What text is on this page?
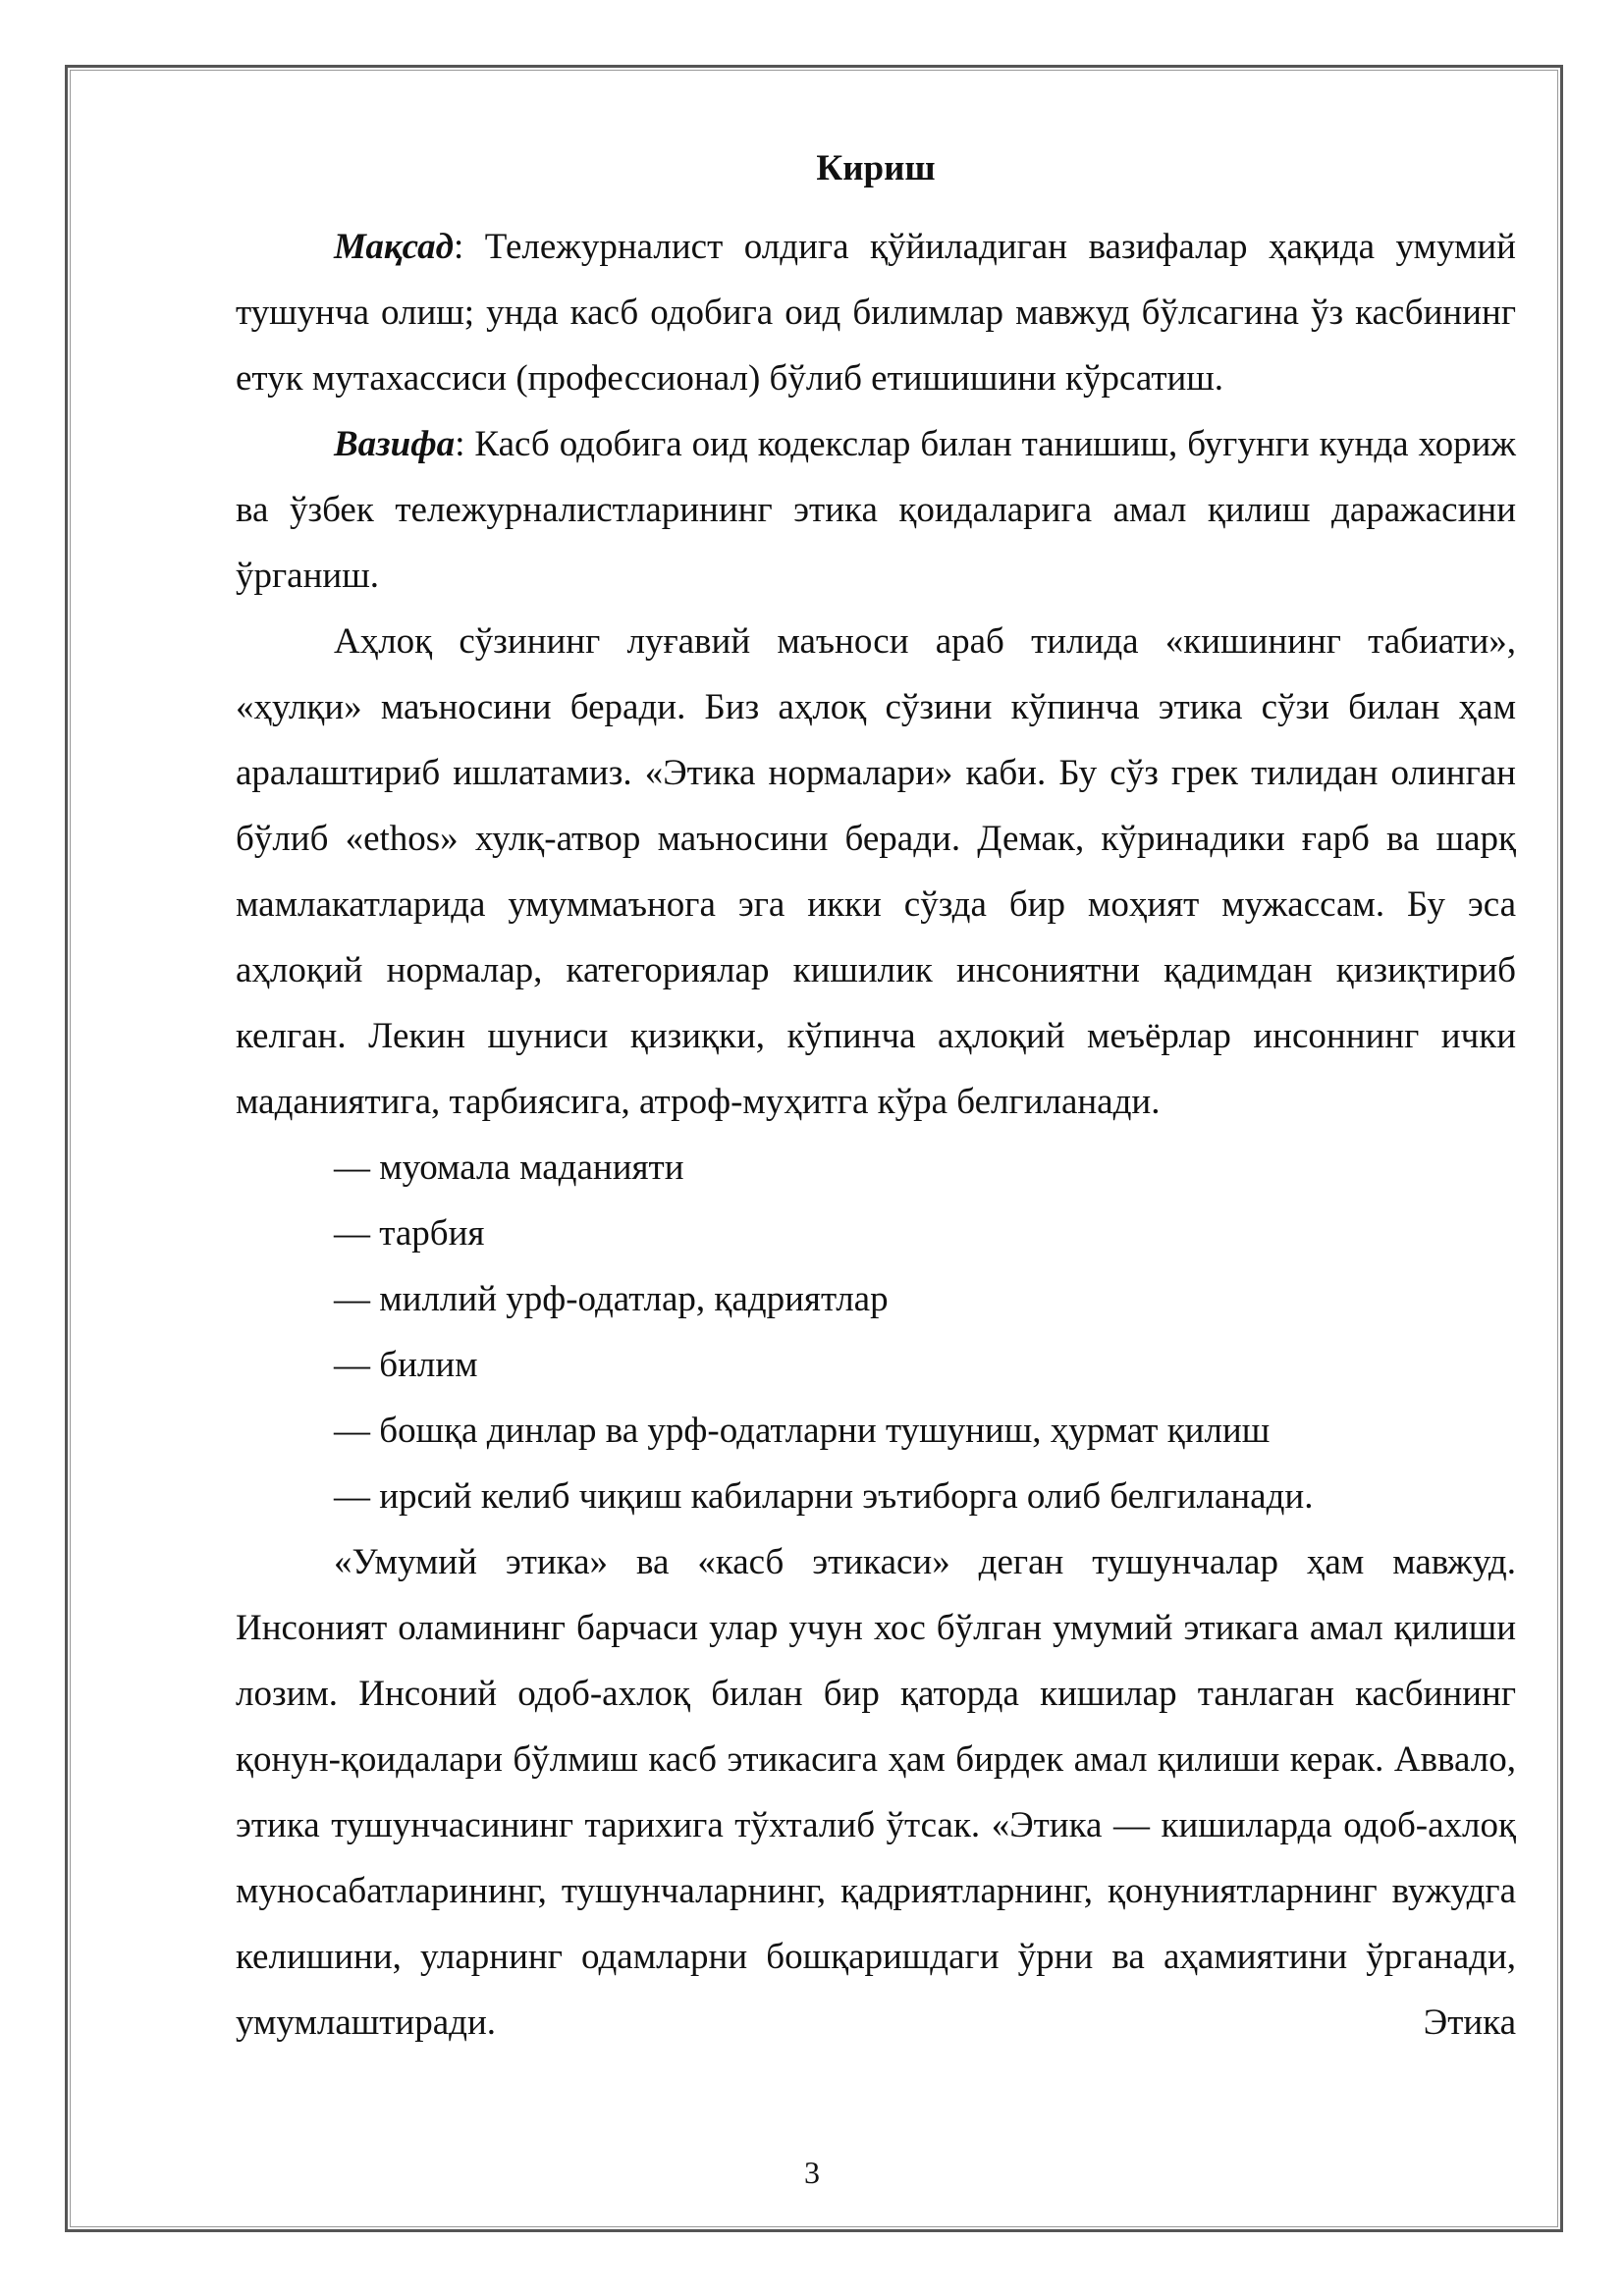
Кириш

Мақсад: Тележурналист олдига қўйиладиган вазифалар ҳақида умумий тушунча олиш; унда касб одобига оид билимлар мавжуд бўлсагина ўз касбининг етук мутахассиси (профессионал) бўлиб етишишини кўрсатиш.

Вазифа: Касб одобига оид кодекслар билан танишиш, бугунги кунда хориж ва ўзбек тележурналистларининг этика қоидаларига амал қилиш даражасини ўрганиш.

Аҳлоқ сўзининг луғавий маъноси араб тилида «кишининг табиати», «ҳулқи» маъносини беради. Биз аҳлоқ сўзини кўпинча этика сўзи билан ҳам аралаштириб ишлатамиз. «Этика нормалари» каби. Бу сўз грек тилидан олинган бўлиб «ethos» хулқ-атвор маъносини беради. Демак, кўринадики ғарб ва шарқ мамлакатларида умуммаънога эга икки сўзда бир моҳият мужассам. Бу эса аҳлоқий нормалар, категориялар кишилик инсониятни қадимдан қизиқтириб келган. Лекин шуниси қизиқки, кўпинча аҳлоқий меъёрлар инсоннинг ички маданиятига, тарбиясига, атроф-муҳитга кўра белгиланади.

— муомала маданияти
— тарбия
— миллий урф-одатлар, қадриятлар
— билим
— бошқа динлар ва урф-одатларни тушуниш, ҳурмат қилиш
— ирсий келиб чиқиш кабиларни эътиборга олиб белгиланади.

«Умумий этика» ва «касб этикаси» деган тушунчалар ҳам мавжуд. Инсоният оламининг барчаси улар учун хос бўлган умумий этикага амал қилиши лозим. Инсоний одоб-ахлоқ билан бир қаторда кишилар танлаган касбининг қонун-қоидалари бўлмиш касб этикасига ҳам бирдек амал қилиши керак. Аввало, этика тушунчасининг тарихига тўхталиб ўтсак. «Этика — кишиларда одоб-ахлоқ муносабатларининг, тушунчаларнинг, қадриятларнинг, қонуниятларнинг вужудга келишини, уларнинг одамларни бошқаришдаги ўрни ва аҳамиятини ўрганади, умумлаштиради. Этика

3
